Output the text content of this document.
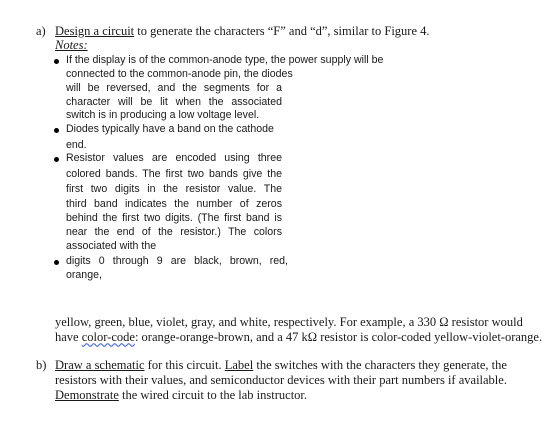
a) Design a circuit to generate the characters “F” and “d”, similar to Figure 4.
Notes:
If the display is of the common-anode type, the power supply will be
connected to the common-anode pin, the diodes
will be reversed, and the segments for a
character will be lit when the associated
switch is in producing a low voltage level.
Diodes typically have a band on the cathode
end.
Resistor values are encoded using three
colored bands. The first two bands give the
first two digits in the resistor value. The
third band indicates the number of zeros
behind the first two digits. (The first band is
near the end of the resistor.) The colors
associated with the
digits 0 through 9 are black, brown, red,
orange,
yellow, green, blue, violet, gray, and white, respectively. For example, a 330 Ω resistor would
have color-code: orange-orange-brown, and a 47 kΩ resistor is color-coded yellow-violet-orange.
b) Draw a schematic for this circuit. Label the switches with the characters they generate, the
resistors with their values, and semiconductor devices with their part numbers if available.
Demonstrate the wired circuit to the lab instructor.
